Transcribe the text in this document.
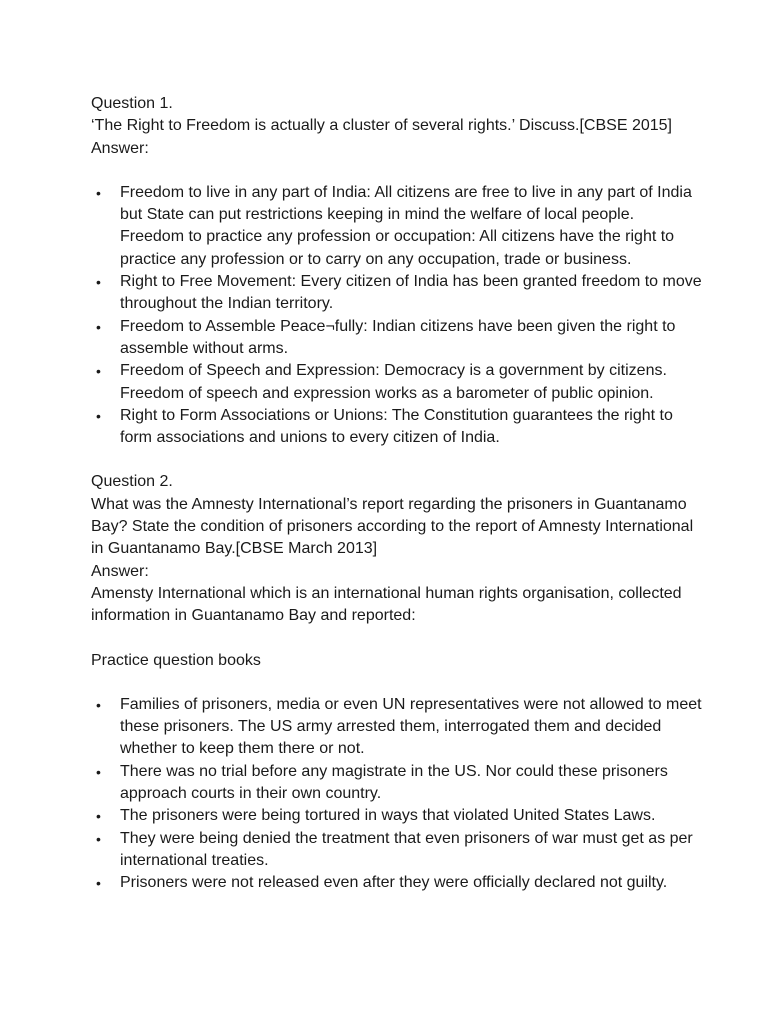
Question 1.

‘The Right to Freedom is actually a cluster of several rights.’ Discuss.[CBSE 2015]

Answer:

• Freedom to live in any part of India: All citizens are free to live in any part of India but State can put restrictions keeping in mind the welfare of local people.
Freedom to practice any profession or occupation: All citizens have the right to practice any profession or to carry on any occupation, trade or business.
• Right to Free Movement: Every citizen of India has been granted freedom to move throughout the Indian territory.
• Freedom to Assemble Peace¬fully: Indian citizens have been given the right to assemble without arms.
• Freedom of Speech and Expression: Democracy is a government by citizens. Freedom of speech and expression works as a barometer of public opinion.
• Right to Form Associations or Unions: The Constitution guarantees the right to form associations and unions to every citizen of India.

Question 2.

What was the Amnesty International’s report regarding the prisoners in Guantanamo Bay? State the condition of prisoners according to the report of Amnesty International in Guantanamo Bay.[CBSE March 2013]

Answer:

Amensty International which is an international human rights organisation, collected information in Guantanamo Bay and reported:

Practice question books

• Families of prisoners, media or even UN representatives were not allowed to meet these prisoners. The US army arrested them, interrogated them and decided whether to keep them there or not.
• There was no trial before any magistrate in the US. Nor could these prisoners approach courts in their own country.
• The prisoners were being tortured in ways that violated United States Laws.
• They were being denied the treatment that even prisoners of war must get as per international treaties.
• Prisoners were not released even after they were officially declared not guilty.
